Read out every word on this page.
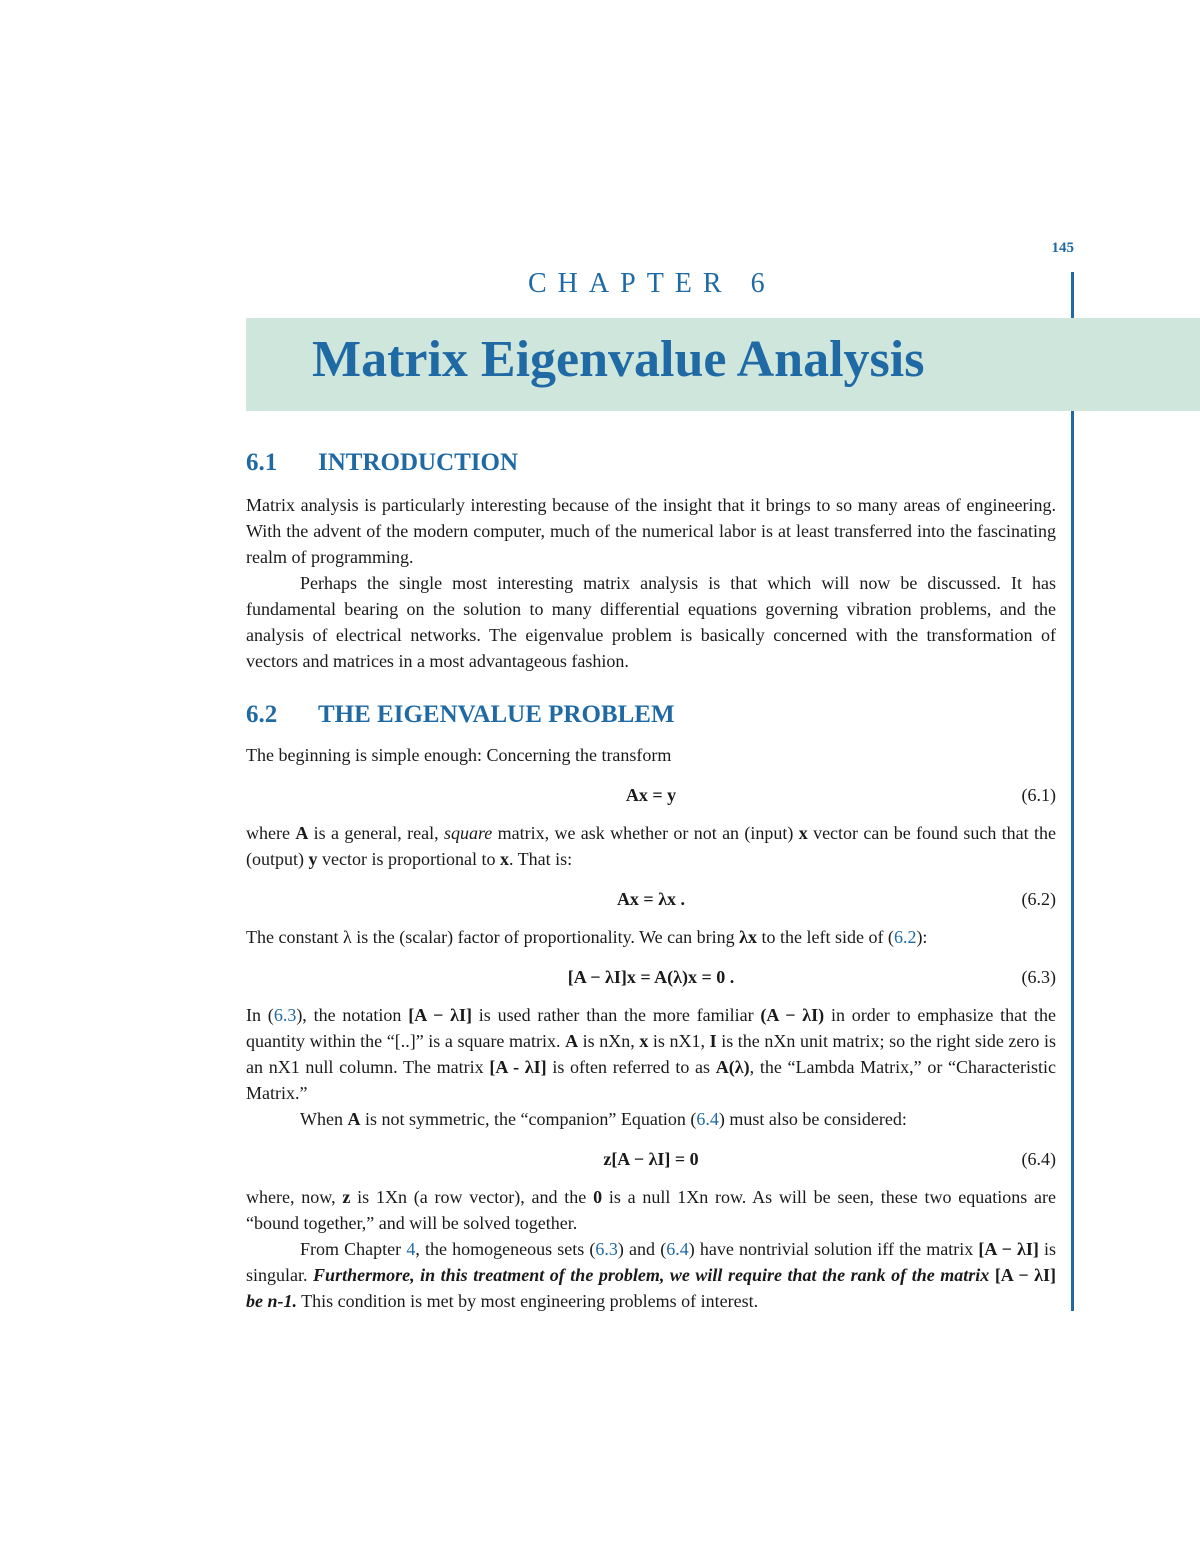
145
CHAPTER 6
Matrix Eigenvalue Analysis
6.1 INTRODUCTION

Matrix analysis is particularly interesting because of the insight that it brings to so many areas of engineering. With the advent of the modern computer, much of the numerical labor is at least transferred into the fascinating realm of programming.

Perhaps the single most interesting matrix analysis is that which will now be discussed. It has fundamental bearing on the solution to many differential equations governing vibration problems, and the analysis of electrical networks. The eigenvalue problem is basically concerned with the transformation of vectors and matrices in a most advantageous fashion.

6.2 THE EIGENVALUE PROBLEM

The beginning is simple enough: Concerning the transform

Ax = y	(6.1)

where A is a general, real, square matrix, we ask whether or not an (input) x vector can be found such that the (output) y vector is proportional to x. That is:

Ax = λx .	(6.2)

The constant λ is the (scalar) factor of proportionality. We can bring λx to the left side of (6.2):

[A − λI]x = A(λ)x = 0 .	(6.3)

In (6.3), the notation [A − λI] is used rather than the more familiar (A − λI) in order to emphasize that the quantity within the “[..]” is a square matrix. A is nXn, x is nX1, I is the nXn unit matrix; so the right side zero is an nX1 null column. The matrix [A - λI] is often referred to as A(λ), the “Lambda Matrix,” or “Characteristic Matrix.”

When A is not symmetric, the “companion” Equation (6.4) must also be considered:

z[A − λI] = 0	(6.4)

where, now, z is 1Xn (a row vector), and the 0 is a null 1Xn row. As will be seen, these two equations are “bound together,” and will be solved together.

From Chapter 4, the homogeneous sets (6.3) and (6.4) have nontrivial solution iff the matrix [A − λI] is singular. Furthermore, in this treatment of the problem, we will require that the rank of the matrix [A − λI] be n-1. This condition is met by most engineering problems of interest.
